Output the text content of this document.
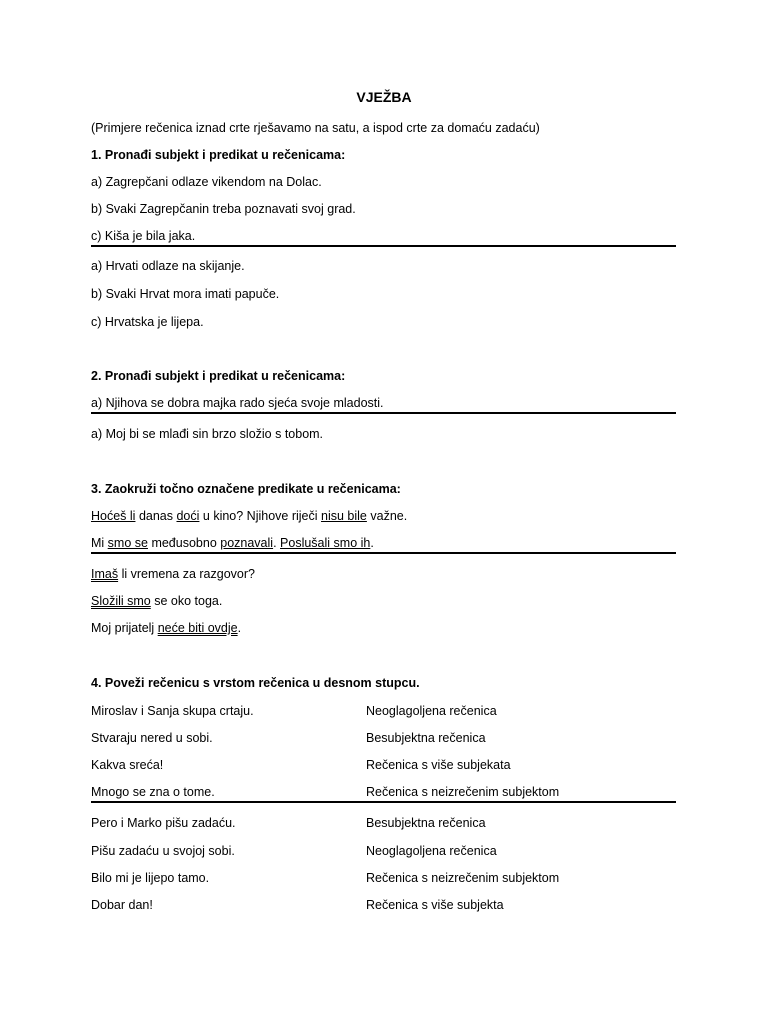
VJEŽBA
(Primjere rečenica iznad crte rješavamo na satu, a ispod crte za domaću zadaću)
1. Pronađi subjekt i predikat u rečenicama:
a) Zagrepčani odlaze vikendom na Dolac.
b) Svaki Zagrepčanin treba poznavati svoj grad.
c) Kiša je bila jaka.
a) Hrvati odlaze na skijanje.
b) Svaki Hrvat mora imati papuče.
c) Hrvatska je lijepa.
2. Pronađi subjekt i predikat u rečenicama:
a) Njihova se dobra majka rado sjeća svoje mladosti.
a) Moj bi se mlađi sin brzo složio s tobom.
3. Zaokruži točno označene predikate u rečenicama:
Hoćeš li danas doći u kino? Njihove riječi nisu bile važne.
Mi smo se međusobno poznavali. Poslušali smo ih.
Imaš li vremena za razgovor?
Složili smo se oko toga.
Moj prijatelj neće biti ovdje.
4. Poveži rečenicu s vrstom rečenica u desnom stupcu.
Miroslav i Sanja skupa crtaju.	Neoglagoljena rečenica
Stvaraju nered u sobi.	Besubjektna rečenica
Kakva sreća!	Rečenica s više subjekata
Mnogo se zna o tome.	Rečenica s neizrečenim subjektom
Pero i Marko pišu zadaću.	Besubjektna rečenica
Pišu zadaću u svojoj sobi.	Neoglagoljena rečenica
Bilo mi je lijepo tamo.	Rečenica s neizrečenim subjektom
Dobar dan!	Rečenica s više subjekta
